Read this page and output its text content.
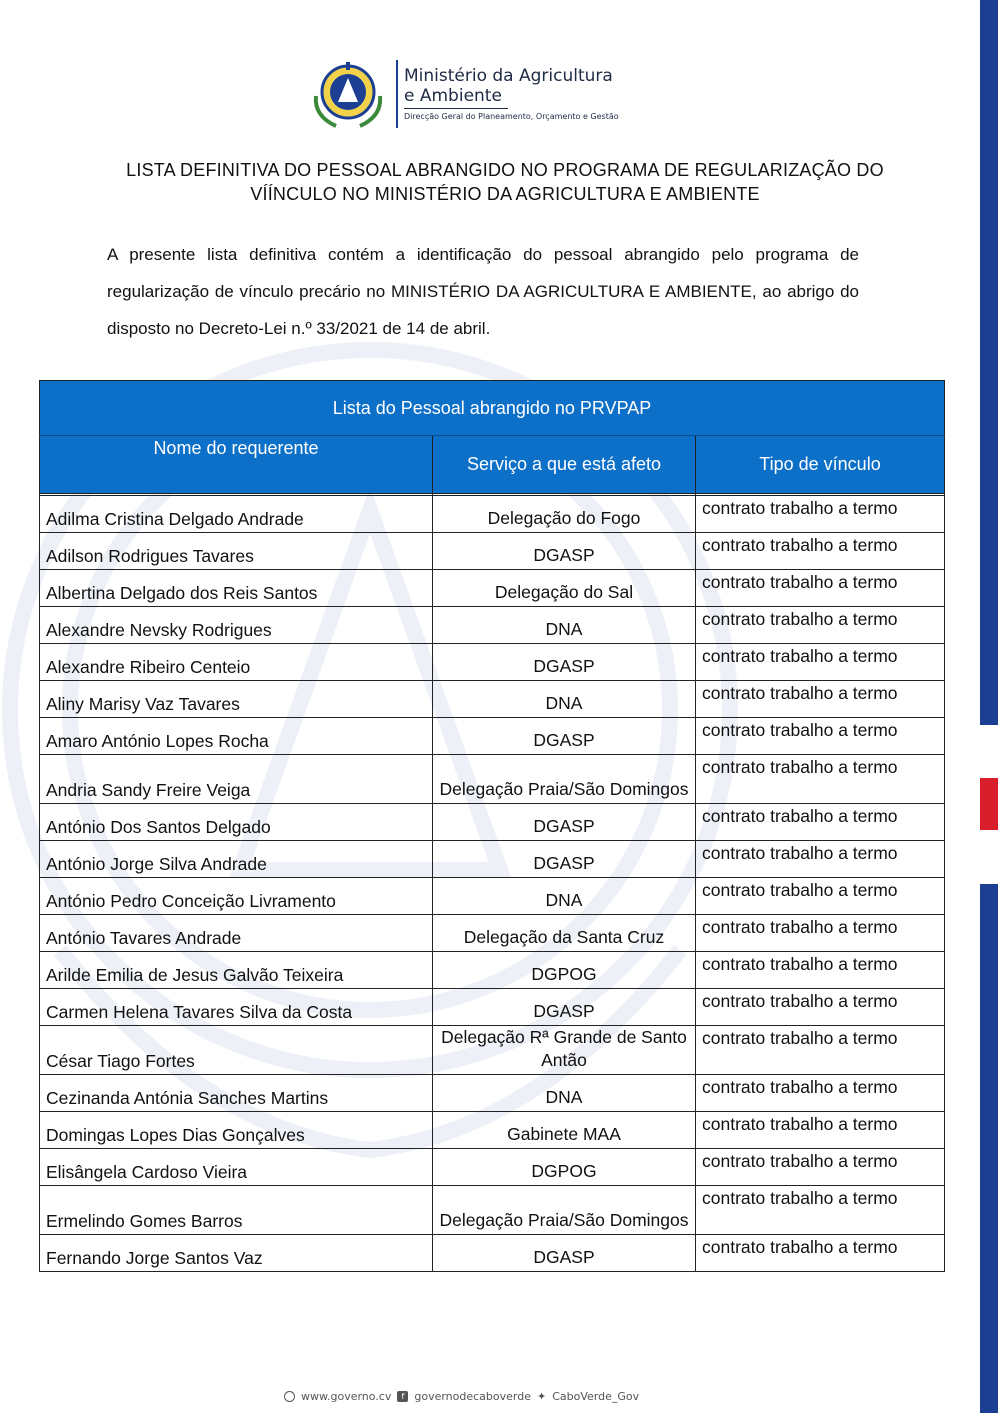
Ministério da Agricultura
e Ambiente
Direcção Geral do Planeamento, Orçamento e Gestão
LISTA DEFINITIVA DO PESSOAL ABRANGIDO NO PROGRAMA DE REGULARIZAÇÃO DO
VÍÍNCULO NO MINISTÉRIO DA AGRICULTURA E AMBIENTE
A presente lista definitiva contém a identificação do pessoal abrangido pelo programa de regularização de vínculo precário no MINISTÉRIO DA AGRICULTURA E AMBIENTE, ao abrigo do disposto no Decreto-Lei n.º 33/2021 de 14 de abril.
Lista do Pessoal abrangido no PRVPAP		
Nome do requerente	Serviço a que está afeto	Tipo de vínculo

Adilma Cristina Delgado Andrade	Delegação do Fogo	contrato trabalho a termo
Adilson Rodrigues Tavares	DGASP	contrato trabalho a termo
Albertina Delgado dos Reis Santos	Delegação do Sal	contrato trabalho a termo
Alexandre Nevsky Rodrigues	DNA	contrato trabalho a termo
Alexandre Ribeiro Centeio	DGASP	contrato trabalho a termo
Aliny Marisy Vaz Tavares	DNA	contrato trabalho a termo
Amaro António Lopes Rocha	DGASP	contrato trabalho a termo
Andria Sandy Freire Veiga	Delegação Praia/São Domingos	contrato trabalho a termo
António Dos Santos Delgado	DGASP	contrato trabalho a termo
António Jorge Silva Andrade	DGASP	contrato trabalho a termo
António Pedro Conceição Livramento	DNA	contrato trabalho a termo
António Tavares Andrade	Delegação da Santa Cruz	contrato trabalho a termo
Arilde Emilia de Jesus Galvão Teixeira	DGPOG	contrato trabalho a termo
Carmen Helena Tavares Silva da Costa	DGASP	contrato trabalho a termo
César Tiago Fortes	Delegação Rª Grande de Santo Antão	contrato trabalho a termo
Cezinanda Antónia Sanches Martins	DNA	contrato trabalho a termo
Domingas Lopes Dias Gonçalves	Gabinete MAA	contrato trabalho a termo
Elisângela Cardoso Vieira	DGPOG	contrato trabalho a termo
Ermelindo Gomes Barros	Delegação Praia/São Domingos	contrato trabalho a termo
Fernando Jorge Santos Vaz	DGASP	contrato trabalho a termo
www.governo.cv	f governodecaboverde ✦ CaboVerde_Gov
